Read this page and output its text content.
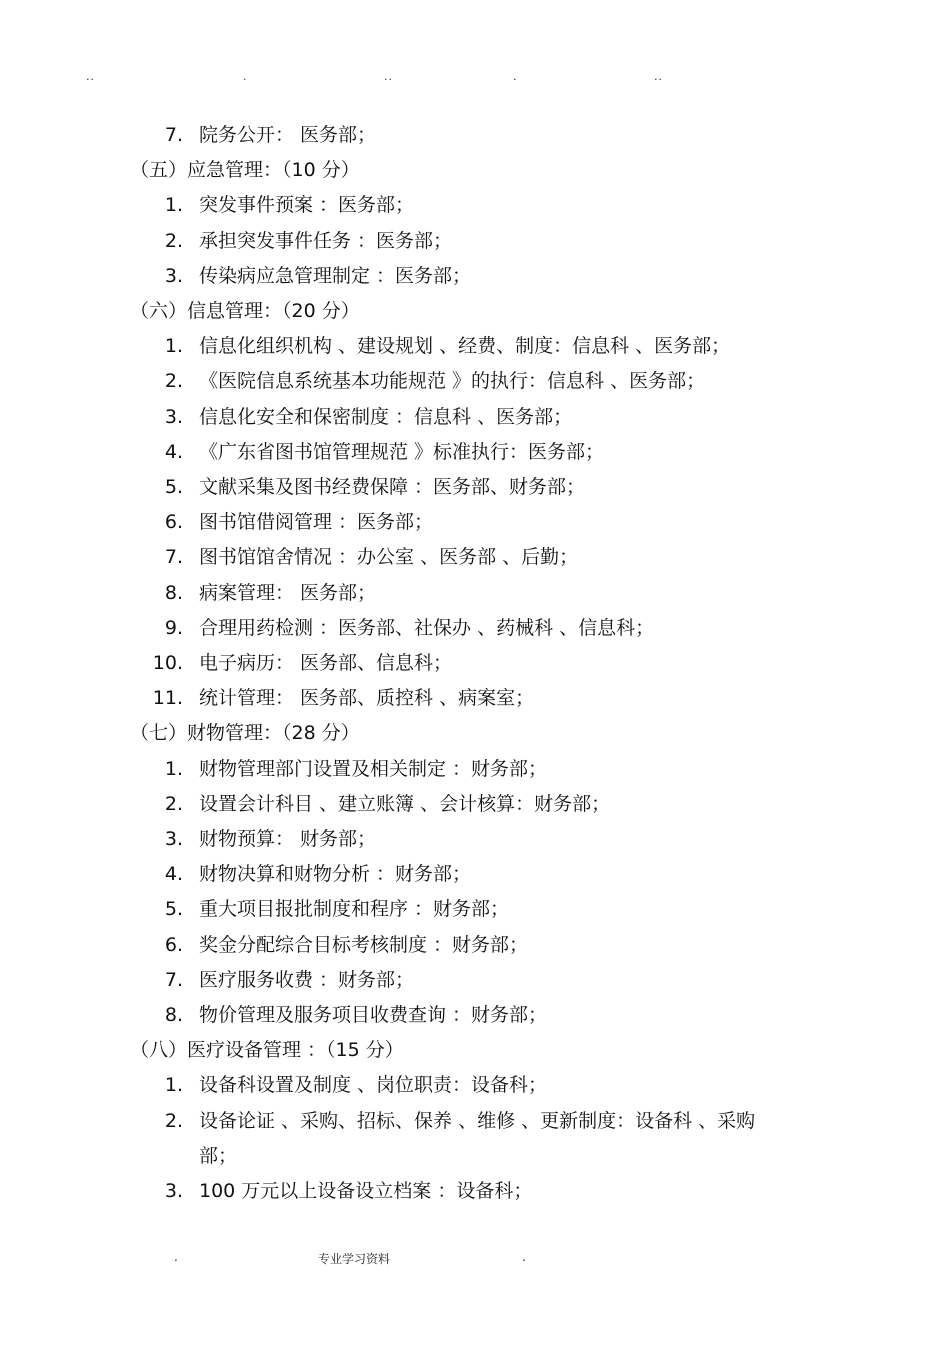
..	.	..	.	..
7. 院务公开： 医务部；
（五）应急管理：（10 分）
1. 突发事件预案 ：医务部；
2. 承担突发事件任务 ：医务部；
3. 传染病应急管理制定 ：医务部；
（六）信息管理：（20 分）
1. 信息化组织机构 、建设规划 、经费、制度：信息科 、医务部；
2. 《医院信息系统基本功能规范 》的执行：信息科 、医务部；
3. 信息化安全和保密制度 ：信息科 、医务部；
4. 《广东省图书馆管理规范 》标准执行：医务部；
5. 文献采集及图书经费保障 ：医务部、财务部；
6. 图书馆借阅管理 ：医务部；
7. 图书馆馆舍情况 ：办公室 、医务部 、后勤；
8. 病案管理： 医务部；
9. 合理用药检测 ：医务部、社保办 、药械科 、信息科；
10. 电子病历： 医务部、信息科；
11. 统计管理： 医务部、质控科 、病案室；
（七）财物管理：（28 分）
1. 财物管理部门设置及相关制定 ：财务部；
2. 设置会计科目 、建立账簿 、会计核算：财务部；
3. 财物预算： 财务部；
4. 财物决算和财物分析 ：财务部；
5. 重大项目报批制度和程序 ：财务部；
6. 奖金分配综合目标考核制度 ：财务部；
7. 医疗服务收费 ：财务部；
8. 物价管理及服务项目收费查询 ：财务部；
（八）医疗设备管理 ：（15 分）
1. 设备科设置及制度 、岗位职责：设备科；
2. 设备论证 、采购、招标、保养 、维修 、更新制度：设备科 、采购
部；
3. 100 万元以上设备设立档案 ：设备科；
.	专业学习资料	.
